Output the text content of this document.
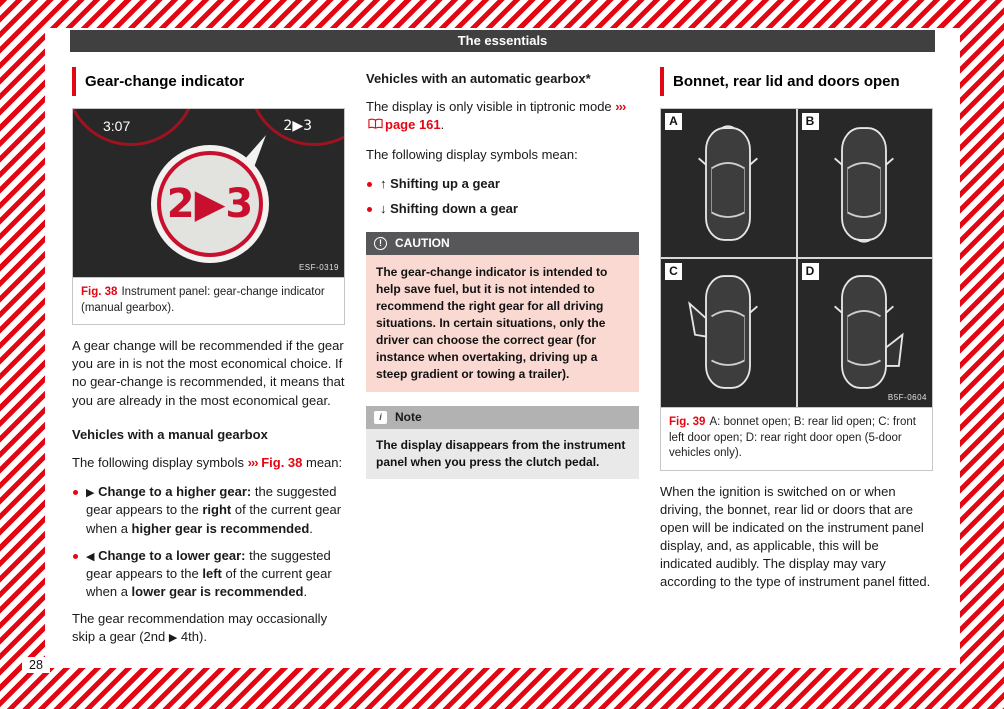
The essentials
Gear-change indicator
3:07	2▶3
2▶3
ESF-0319
Fig. 38 Instrument panel: gear-change indicator (manual gearbox).

A gear change will be recommended if the gear you are in is not the most economical choice. If no gear-change is recommended, it means that you are already in the most economical gear.

Vehicles with a manual gearbox

The following display symbols ››› Fig. 38 mean:

▶ Change to a higher gear: the suggested gear appears to the right of the current gear when a higher gear is recommended.
◀ Change to a lower gear: the suggested gear appears to the left of the current gear when a lower gear is recommended.

The gear recommendation may occasionally skip a gear (2nd ▶ 4th).

Vehicles with an automatic gearbox*

The display is only visible in tiptronic mode ›››page 161.

The following display symbols mean:

↑ Shifting up a gear
↓ Shifting down a gear
! CAUTION
The gear-change indicator is intended to help save fuel, but it is not intended to recommend the right gear for all driving situations. In certain situations, only the driver can choose the correct gear (for instance when overtaking, driving up a steep gradient or towing a trailer).
i Note
The display disappears from the instrument panel when you press the clutch pedal.
Bonnet, rear lid and doors open
A	B
C	D
B5F-0604
Fig. 39 A: bonnet open; B: rear lid open; C: front left door open; D: rear right door open (5-door vehicles only).

When the ignition is switched on or when driving, the bonnet, rear lid or doors that are open will be indicated on the instrument panel display, and, as applicable, this will be indicated audibly. The display may vary according to the type of instrument panel fitted.

28
